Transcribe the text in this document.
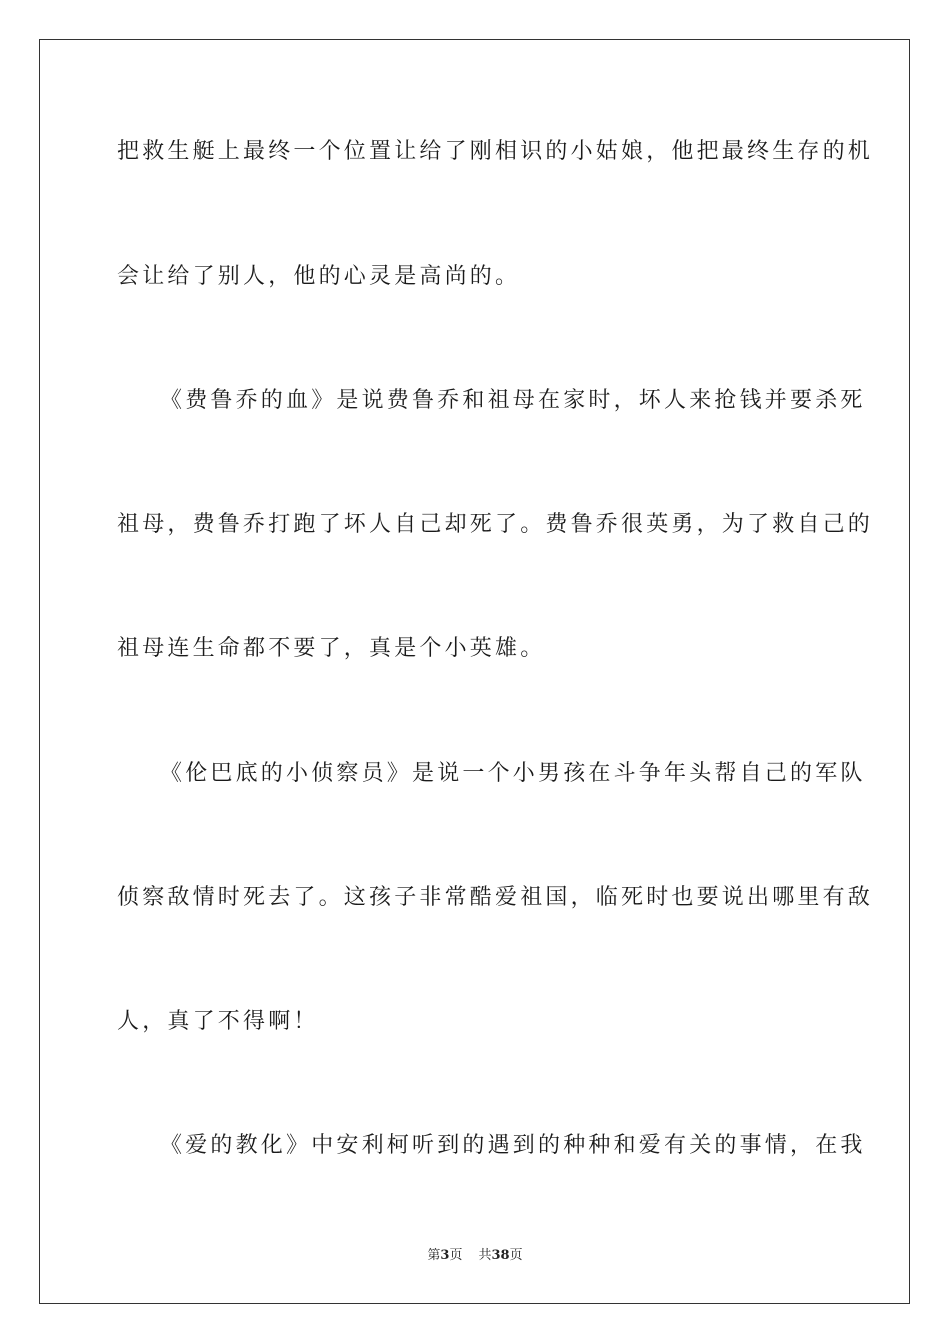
把救生艇上最终一个位置让给了刚相识的小姑娘，他把最终生存的机
会让给了别人，他的心灵是高尚的。
《费鲁乔的血》是说费鲁乔和祖母在家时，坏人来抢钱并要杀死
祖母，费鲁乔打跑了坏人自己却死了。费鲁乔很英勇，为了救自己的
祖母连生命都不要了，真是个小英雄。
《伦巴底的小侦察员》是说一个小男孩在斗争年头帮自己的军队
侦察敌情时死去了。这孩子非常酷爱祖国，临死时也要说出哪里有敌
人，真了不得啊！
《爱的教化》中安利柯听到的遇到的种种和爱有关的事情，在我
第3页 共38页
